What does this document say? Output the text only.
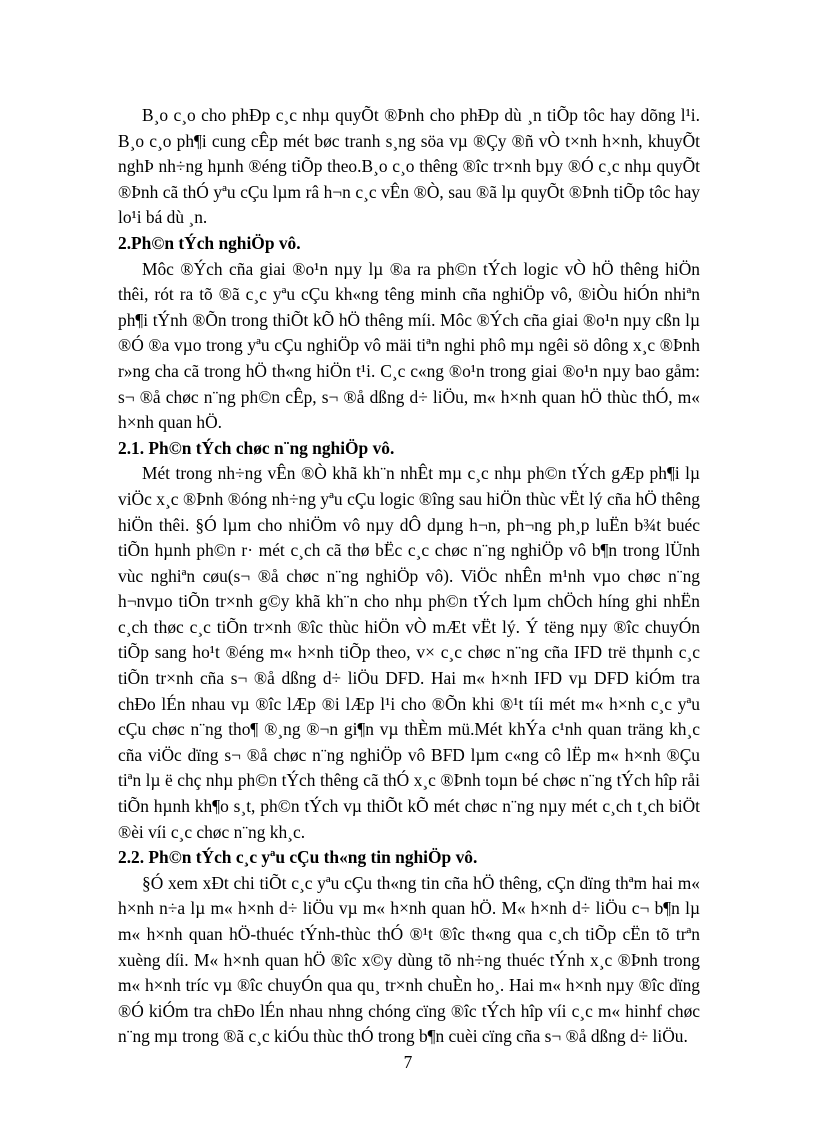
B¸o c¸o cho phÐp c¸c nhµ quyÕt ®Þnh cho phÐp dù ¸n tiÕp tôc hay dõng l¹i. B¸o c¸o ph¶i cung cÊp mét bøc tranh s¸ng söa vµ ®Çy ®ñ vÒ t×nh h×nh, khuyÕt nghÞ nh÷ng hµnh ®éng tiÕp theo.B¸o c¸o thêng ®îc tr×nh bµy ®Ó c¸c nhµ quyÕt ®Þnh cã thÓ yªu cÇu lµm râ h¬n c¸c vÊn ®Ò, sau ®ã lµ quyÕt ®Þnh tiÕp tôc hay lo¹i bá dù ¸n.

2.Ph©n tÝch nghiÖp vô.

Môc ®Ých cña giai ®o¹n nµy lµ ®a ra ph©n tÝch logic vÒ hÖ thêng hiÖn thêi, rót ra tõ ®ã c¸c yªu cÇu kh«ng têng minh cña nghiÖp vô, ®iÒu hiÓn nhiªn ph¶i tÝnh ®Õn trong thiÕt kÕ hÖ thêng míi. Môc ®Ých cña giai ®o¹n nµy cßn lµ ®Ó ®a vµo trong yªu cÇu nghiÖp vô mäi tiªn nghi phô mµ ngêi sö dông x¸c ®Þnh r»ng cha cã trong hÖ th«ng hiÖn t¹i. C¸c c«ng ®o¹n trong giai ®o¹n nµy bao gåm: s¬ ®å chøc n¨ng ph©n cÊp, s¬ ®å dßng d÷ liÖu, m« h×nh quan hÖ thùc thÓ, m« h×nh quan hÖ.

2.1. Ph©n tÝch chøc n¨ng nghiÖp vô.

Mét trong nh÷ng vÊn ®Ò khã kh¨n nhÊt mµ c¸c nhµ ph©n tÝch gÆp ph¶i lµ viÖc x¸c ®Þnh ®óng nh÷ng yªu cÇu logic ®îng sau hiÖn thùc vËt lý cña hÖ thêng hiÖn thêi. §Ó lµm cho nhiÖm vô nµy dÔ dµng h¬n, ph¬ng ph¸p luËn b¾t buéc tiÕn hµnh ph©n r· mét c¸ch cã thø bËc c¸c chøc n¨ng nghiÖp vô b¶n trong lÜnh vùc nghiªn cøu(s¬ ®å chøc n¨ng nghiÖp vô). ViÖc nhÊn m¹nh vµo chøc n¨ng h¬nvµo tiÕn tr×nh g©y khã kh¨n cho nhµ ph©n tÝch lµm chÖch híng ghi nhËn c¸ch thøc c¸c tiÕn tr×nh ®îc thùc hiÖn vÒ mÆt vËt lý. Ý tëng nµy ®îc chuyÓn tiÕp sang ho¹t ®éng m« h×nh tiÕp theo, v× c¸c chøc n¨ng cña IFD trë thµnh c¸c tiÕn tr×nh cña s¬ ®å dßng d÷ liÖu DFD. Hai m« h×nh IFD vµ DFD kiÓm tra chÐo lÉn nhau vµ ®îc lÆp ®i lÆp l¹i cho ®Õn khi ®¹t tíi mét m« h×nh c¸c yªu cÇu chøc n¨ng tho¶ ®¸ng ®¬n gi¶n vµ thÈm mü.Mét khÝa c¹nh quan träng kh¸c cña viÖc dïng s¬ ®å chøc n¨ng nghiÖp vô BFD lµm c«ng cô lËp m« h×nh ®Çu tiªn lµ ë chç nhµ ph©n tÝch thêng cã thÓ x¸c ®Þnh toµn bé chøc n¨ng tÝch hîp råi tiÕn hµnh kh¶o s¸t, ph©n tÝch vµ thiÕt kÕ mét chøc n¨ng nµy mét c¸ch t¸ch biÖt ®èi víi c¸c chøc n¨ng kh¸c.

2.2. Ph©n tÝch c¸c yªu cÇu th«ng tin nghiÖp vô.

§Ó xem xÐt chi tiÕt c¸c yªu cÇu th«ng tin cña hÖ thêng, cÇn dïng thªm hai m« h×nh n÷a lµ m« h×nh d÷ liÖu vµ m« h×nh quan hÖ. M« h×nh d÷ liÖu c¬ b¶n lµ m« h×nh quan hÖ-thuéc tÝnh-thùc thÓ ®¹t ®îc th«ng qua c¸ch tiÕp cËn tõ trªn xuèng díi. M« h×nh quan hÖ ®îc x©y dùng tõ nh÷ng thuéc tÝnh x¸c ®Þnh trong m« h×nh tríc vµ ®îc chuyÓn qua qu¸ tr×nh chuÈn ho¸. Hai m« h×nh nµy ®îc dïng ®Ó kiÓm tra chÐo lÉn nhau nhng chóng cïng ®îc tÝch hîp víi c¸c m« hinhf chøc n¨ng mµ trong ®ã c¸c kiÓu thùc thÓ trong b¶n cuèi cïng cña s¬ ®å dßng d÷ liÖu.

7
